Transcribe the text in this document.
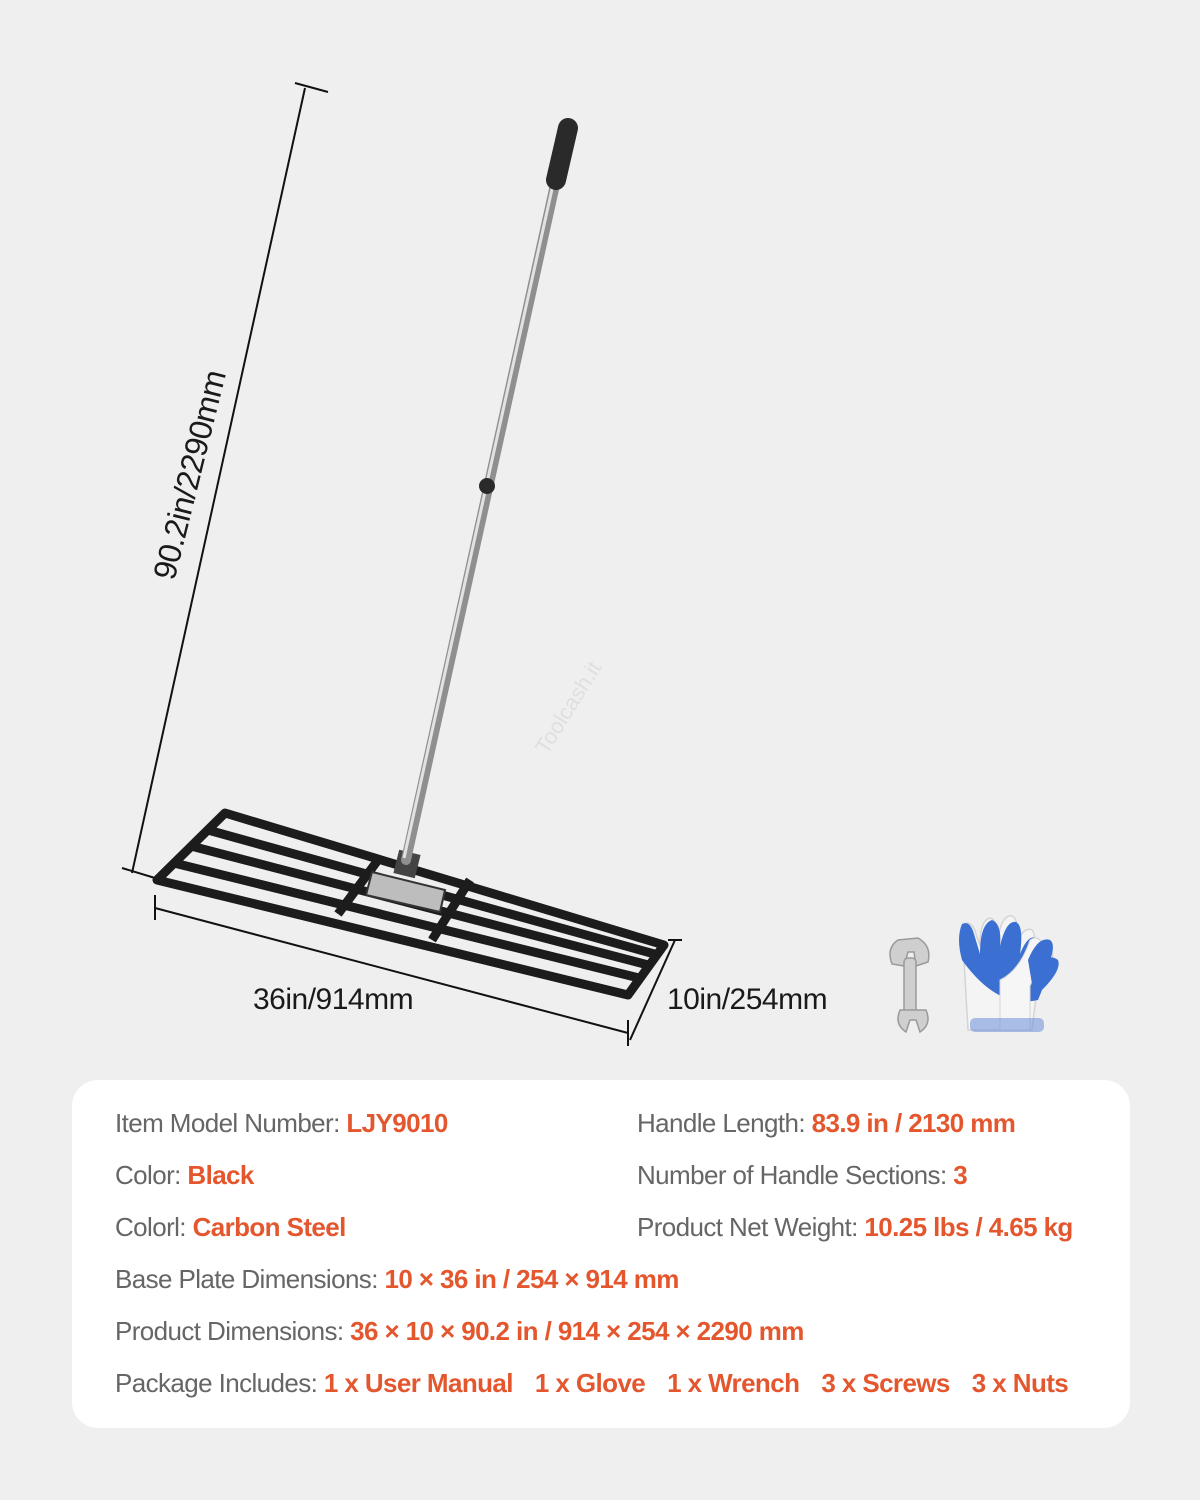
90.2in/2290mm
36in/914mm	10in/254mm
Toolcash.it
Item Model Number: LJY9010	Handle Length: 83.9 in / 2130 mm
Color: Black	Number of Handle Sections: 3
Colorl: Carbon Steel	Product Net Weight: 10.25 lbs / 4.65 kg
Base Plate Dimensions: 10 × 36 in / 254 × 914 mm
Product Dimensions: 36 × 10 × 90.2 in / 914 × 254 × 2290 mm
Package Includes: 1 x User Manual 1 x Glove 1 x Wrench 3 x Screws 3 x Nuts
